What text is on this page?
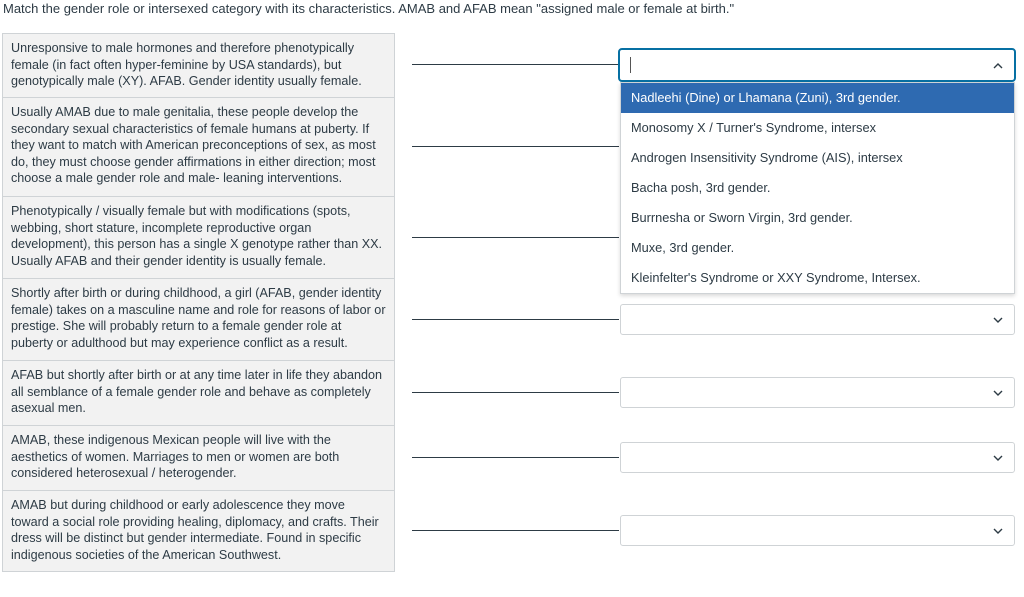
Match the gender role or intersexed category with its characteristics. AMAB and AFAB mean "assigned male or female at birth."
Unresponsive to male hormones and therefore phenotypically female (in fact often hyper-feminine by USA standards), but genotypically male (XY). AFAB. Gender identity usually female.
Usually AMAB due to male genitalia, these people develop the secondary sexual characteristics of female humans at puberty. If they want to match with American preconceptions of sex, as most do, they must choose gender affirmations in either direction; most choose a male gender role and male- leaning interventions.
Phenotypically / visually female but with modifications (spots, webbing, short stature, incomplete reproductive organ development), this person has a single X genotype rather than XX. Usually AFAB and their gender identity is usually female.
Shortly after birth or during childhood, a girl (AFAB, gender identity female) takes on a masculine name and role for reasons of labor or prestige. She will probably return to a female gender role at puberty or adulthood but may experience conflict as a result.
AFAB but shortly after birth or at any time later in life they abandon all semblance of a female gender role and behave as completely asexual men.
AMAB, these indigenous Mexican people will live with the aesthetics of women. Marriages to men or women are both considered heterosexual / heterogender.
AMAB but during childhood or early adolescence they move toward a social role providing healing, diplomacy, and crafts. Their dress will be distinct but gender intermediate. Found in specific indigenous societies of the American Southwest.
Nadleehi (Dine) or Lhamana (Zuni), 3rd gender.
Monosomy X / Turner's Syndrome, intersex
Androgen Insensitivity Syndrome (AIS), intersex
Bacha posh, 3rd gender.
Burrnesha or Sworn Virgin, 3rd gender.
Muxe, 3rd gender.
Kleinfelter's Syndrome or XXY Syndrome, Intersex.
